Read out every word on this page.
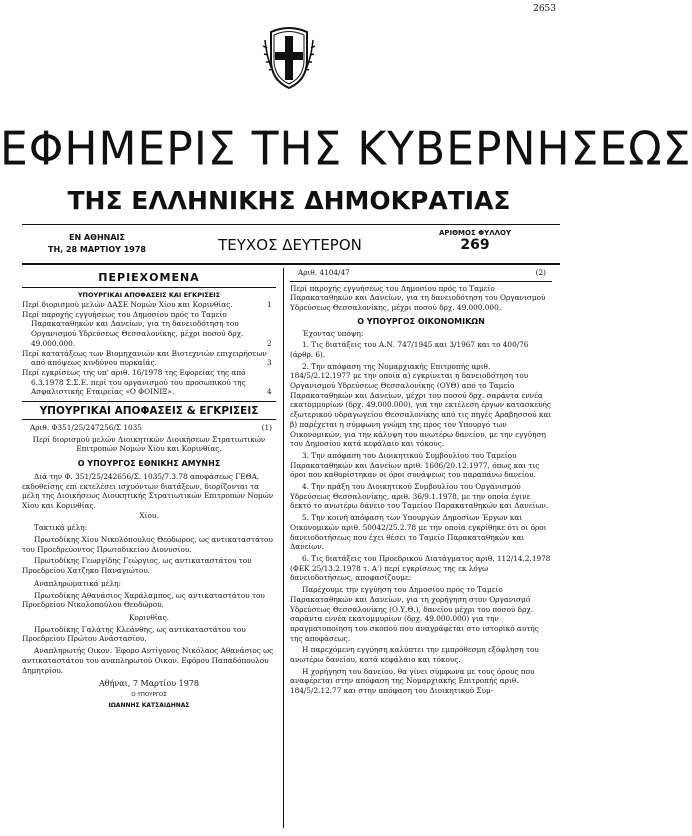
2653
ΕΦΗΜΕΡΙΣ ΤΗΣ ΚΥΒΕΡΝΗΣΕΩΣ
ΤΗΣ ΕΛΛΗΝΙΚΗΣ ΔΗΜΟΚΡΑΤΙΑΣ
ΕΝ ΑΘΗΝΑΙΣ
ΤΗ, 28 ΜΑΡΤΙΟΥ 1978	ΤΕΥΧΟΣ ΔΕΥΤΕΡΟΝ
ΑΡΙΘΜΟΣ ΦΥΛΛΟΥ
269
ΠΕΡΙΕΧΟΜΕΝΑ
ΥΠΟΥΡΓΙΚΑΙ ΑΠΟΦΑΣΕΙΣ ΚΑΙ ΕΓΚΡΙΣΕΙΣ
Περί διορισμού μελών ΔΑΣΕ Νομών Χίου και Κορινθίας.	1
Περί παροχής εγγυήσεως του Δημοσίου πρός το Ταμείο Παρακαταθηκών και Δανείων, για τη δανειοδότηση του Οργανισμού Υδρεύσεως Θεσσαλονίκης, μέχρι ποσού δρχ. 49.000.000.	2
Περί κατατάξεως των Βιομηχανιών και Βιοτεχνιών επιχειρήσεων από απόψεως κινδύνου πυρκαϊάς.	3
Περί εγκρίσεως της υπ' αριθ. 16/1978 της Εφορείας της από 6.3.1978 Σ.Σ.Ε. περί του οργανισμού του προσωπικού της Ασφαλιστικής Εταιρείας «Ο ΦΟΙΝΙΞ».	4
ΥΠΟΥΡΓΙΚΑΙ ΑΠΟΦΑΣΕΙΣ & ΕΓΚΡΙΣΕΙΣ
Αριθ. Φ351/25/247256/Σ 1035	(1)

Περί διορισμού μελών Διοικητικών Διοικήσεων Στρατιωτικών Επιτροπών Νομών Χίου και Κορινθίας.

Ο ΥΠΟΥΡΓΟΣ ΕΘΝΙΚΗΣ ΑΜΥΝΗΣ

Διά την Φ. 351/25/242656/Σ. 1035/7.3.78 αποφάσεως ΓΕΘΑ, εκδοθείσης επί εκτελέσει ισχυόντων διατάξεων, διορίζονται τα μέλη της Διοικήσεως Διοικητικής Στρατιωτικών Επιτροπών Νομών Χίου και Κορινθίας.

Χίου.

Τακτικά μέλη:

Πρωτοδίκης Χίου Νικολόπουλος Θεόδωρος, ως αντικαταστάτου του Προεδρεύοντος Πρωτοδικείου Διονυσίου.

Πρωτοδίκης Γεωργίδης Γεώργιος, ως αντικαταστάτου του Προεδρείου Χατζηκο Παναγιώτου.

Αναπληρωματικά μέλη:

Πρωτοδίκης Αθανάσιος Χαράλαμπος, ως αντικαταστάτου του Προεδρείου Νικολοπούλου Θεοδώρου.

Κορινθίας.

Πρωτοδίκης Γαλάτης Κλεάνθης, ως αντικαταστάτου του Προεδρείου Πρώτου Ανάστασίου.

Αναπληρωτής Οικον. Έφορο Αντίγονος Νικόλαος Αθανάσιος ως αντικαταστάτου του αναπληρωτού Οικον. Εφόρου Παπαδόπουλου Δημητρίου.

Αθήναι, 7 Μαρτίου 1978

Ο ΥΠΟΥΡΓΟΣ

ΙΩΑΝΝΗΣ ΚΑΤΣΑΙΔΗΝΑΣ

Αριθ. 4104/47	(2)

Περί παροχής εγγυήσεως του Δημοσίου πρός το Ταμείο Παρακαταθηκών και Δανείων, για τη δανειοδότηση του Οργανισμού Υδρεύσεως Θεσσαλονίκης, μέχρι ποσού δρχ. 49.000.000.

Ο ΥΠΟΥΡΓΟΣ ΟΙΚΟΝΟΜΙΚΩΝ

Έχοντας υπόψη:

1. Τις διατάξεις του Α.Ν. 747/1945 και 3/1967 και το 400/76 (άρθρ. 6).

2. Την απόφαση της Νομαρχιακής Επιτροπής αριθ. 184/5/2.12.1977 με την οποία α) εγκρίνεται η δανειοδότηση του Οργανισμού Υδρεύσεως Θεσσαλονίκης (ΟΥΘ) από το Ταμείο Παρακαταθηκών και Δανείων, μέχρι του ποσού δρχ. σαράντα εννέα εκατομμυρίων (δρχ. 49.000.000), για την εκτέλεση έργων κατασκευής εξωτερικού υδραγωγείου Θεσσαλονίκης από τις πηγές Αραβησσού και β) παρέχεται η σύμφωνη γνώμη της προς τον Υπουργό των Οικονομικών, για την κάλυψη του ανωτέρω δανείου, με την εγγύηση του Δημοσίου κατά κεφάλαιο και τόκους.

3. Την απόφαση του Διοικητικού Συμβουλίου του Ταμείου Παρακαταθηκών και Δανείων αριθ. 1606/20.12.1977, όπως και τις όροι που καθορίστηκαν οι όροι συνάψεως του παραπάνω δανείου.

4. Την πράξη του Διοικητικού Συμβουλίου του Οργανισμού Υδρεύσεως Θεσσαλονίκης, αριθ. 36/9.1.1978, με την οποία έγινε δεκτό το ανωτέρω δάνειο του Ταμείου Παρακαταθηκών και Δανείων.

5. Την κοινή απόφαση των Υπουργών Δημοσίων Έργων και Οικονομικών αριθ. 50042/25.2.78 με την οποία εγκρίθηκε ότι οι όροι δανειοδοτήσεως που έχει θέσει το Ταμείο Παρακαταθηκών και Δανείων.

6. Τις διατάξεις του Προεδρικού Διατάγματος αριθ. 112/14.2.1978 (ΦΕΚ 25/13.2.1978 τ. Α') περί εγκρίσεως της εκ λόγω δανειοδοτήσεως, αποφασίζουμε:

Παρέχουμε την εγγύηση του Δημοσίου πρός το Ταμείο Παρακαταθηκών και Δανείων, για τη χορήγηση στον Οργανισμό Υδρεύσεως Θεσσαλονίκης (Ο.Υ.Θ.), δανείου μέχρι του ποσού δρχ. σαράντα εννέα εκατομμυρίων (δρχ. 49.000.000) για την πραγματοποίηση του σκοπού που αναγράφεται στο ιστορικό αυτής της αποφάσεως.

Η παρεχόμενη εγγύηση καλύπτει την εμπρόθεσμη εξόφληση του ανωτέρω δανείου, κατά κεφάλαιο και τόκους.

Η χορήγηση του δανείου, θα γίνει σύμφωνα με τους όρους που αναφέρεται στην απόφαση της Νομαρχιακής Επιτροπής αριθ. 184/5/2.12.77 και στην απόφαση του Διοικητικού Συμ-
